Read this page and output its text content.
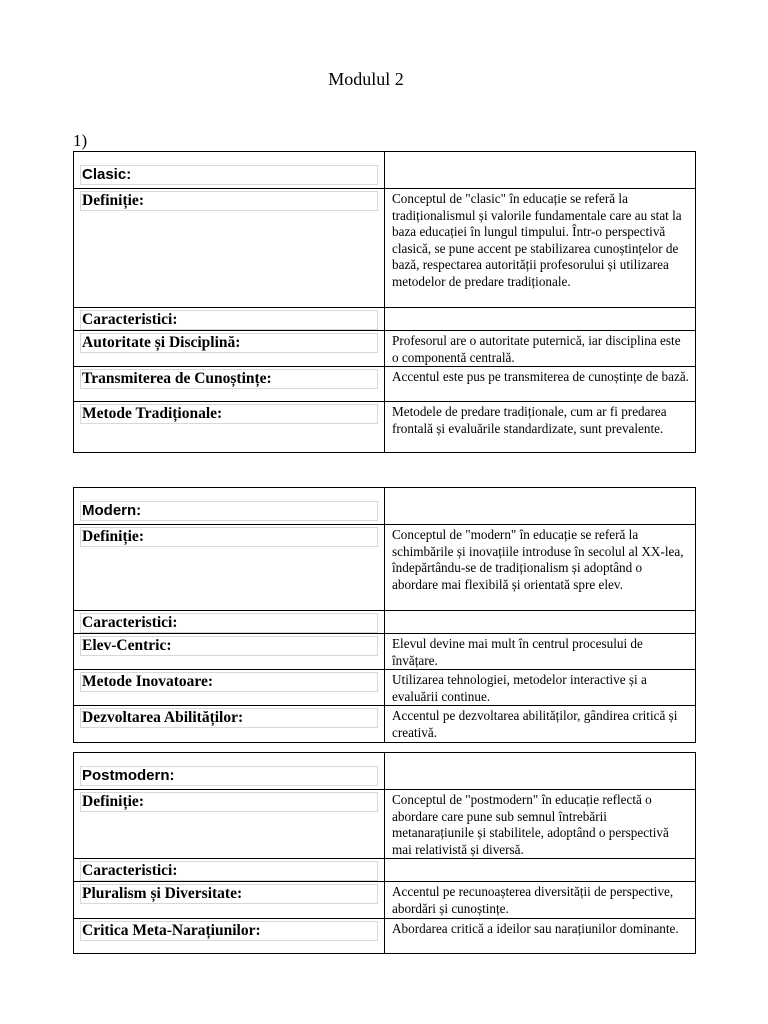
Modulul 2
1)
Clasic:	

Definiție:	Conceptul de "clasic" în educație se referă la tradiționalismul și valorile fundamentale care au stat la baza educației în lungul timpului. Într-o perspectivă clasică, se pune accent pe stabilizarea cunoștințelor de bază, respectarea autorității profesorului și utilizarea metodelor de predare tradiționale.

Caracteristici:	

Autoritate și Disciplină:	Profesorul are o autoritate puternică, iar disciplina este o componentă centrală.

Transmiterea de Cunoștințe:	Accentul este pus pe transmiterea de cunoștințe de bază.

Metode Tradiționale:	Metodele de predare tradiționale, cum ar fi predarea frontală și evaluările standardizate, sunt prevalente.
Modern:	

Definiție:	Conceptul de "modern" în educație se referă la schimbările și inovațiile introduse în secolul al XX-lea, îndepărtându-se de tradiționalism și adoptând o abordare mai flexibilă și orientată spre elev.

Caracteristici:	

Elev-Centric:	Elevul devine mai mult în centrul procesului de învățare.

Metode Inovatoare:	Utilizarea tehnologiei, metodelor interactive și a evaluării continue.

Dezvoltarea Abilităților:	Accentul pe dezvoltarea abilităților, gândirea critică și creativă.
Postmodern:	

Definiție:	Conceptul de "postmodern" în educație reflectă o abordare care pune sub semnul întrebării metanarațiunile și stabilitele, adoptând o perspectivă mai relativistă și diversă.

Caracteristici:	

Pluralism și Diversitate:	Accentul pe recunoașterea diversității de perspective, abordări și cunoștințe.

Critica Meta-Narațiunilor:	Abordarea critică a ideilor sau narațiunilor dominante.
